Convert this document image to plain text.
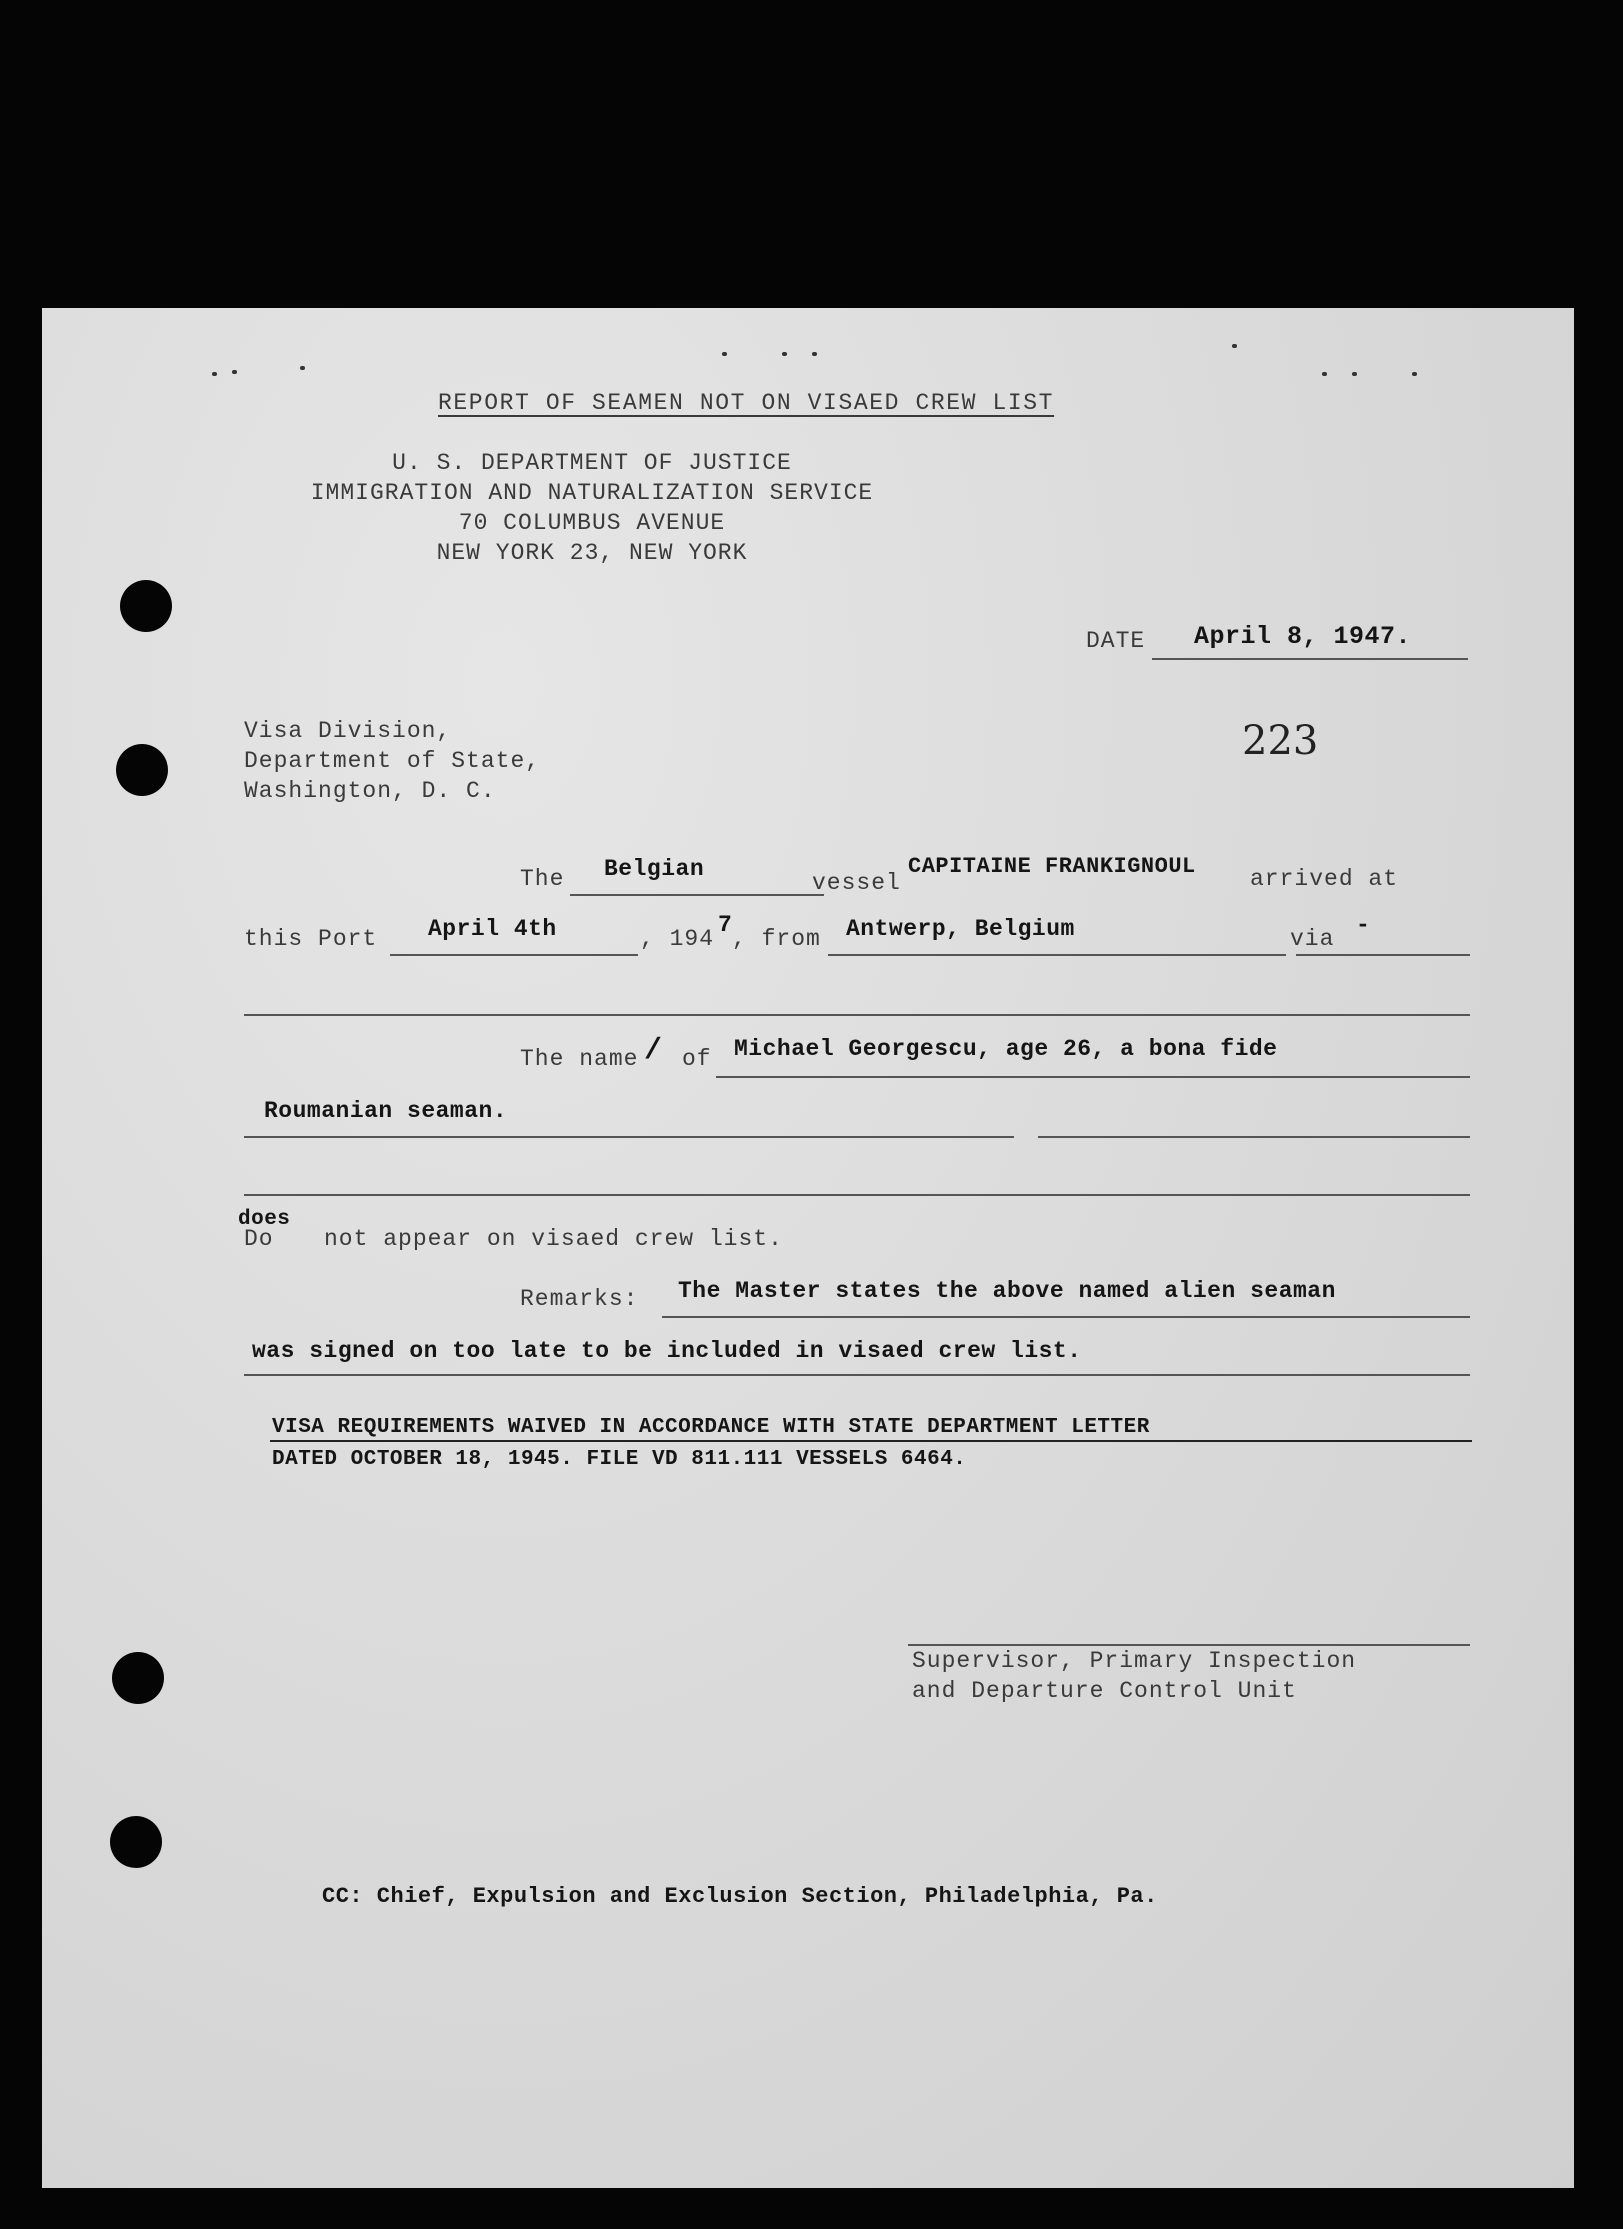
REPORT OF SEAMEN NOT ON VISAED CREW LIST
U. S. DEPARTMENT OF JUSTICE
IMMIGRATION AND NATURALIZATION SERVICE
70 COLUMBUS AVENUE
NEW YORK 23, NEW YORK
DATE April 8, 1947.
Visa Division,
Department of State,
Washington, D. C.
223
The Belgian
vessel
CAPITAINE FRANKIGNOUL arrived at
this Port April 4th	, 194
7
, from Antwerp, Belgium	via
-
The name / of Michael Georgescu, age 26, a bona fide
Roumanian seaman.
Do
does
not appear on visaed crew list.
Remarks: The Master states the above named alien seaman
was signed on too late to be included in visaed crew list.
VISA REQUIREMENTS WAIVED IN ACCORDANCE WITH STATE DEPARTMENT LETTER
DATED OCTOBER 18, 1945. FILE VD 811.111 VESSELS 6464.
Supervisor, Primary Inspection
and Departure Control Unit
CC: Chief, Expulsion and Exclusion Section, Philadelphia, Pa.
